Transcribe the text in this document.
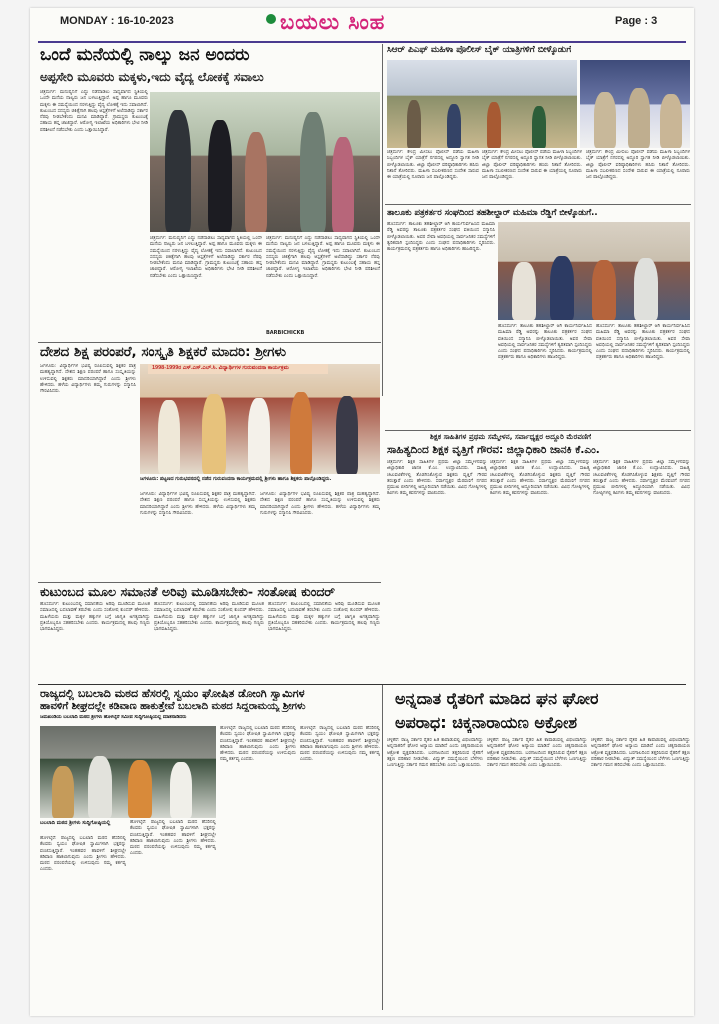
MONDAY : 16-10-2023	ಬಯಲು ಸಿಂಹ	Page : 3
ಒಂದೆ ಮನೆಯಲ್ಲಿ ನಾಲ್ಕು ಜನ ಅಂದರು
ಅಪ್ಪಸೇರಿ ಮೂವರು ಮಕ್ಕಳು,ಇದು ವೈದ್ಯ ಲೋಕಕ್ಕೆ ಸವಾಲು
ಚಿತ್ರದುರ್ಗ: ಮನುಷ್ಯನಿಗೆ ಎದ್ದು ನಡೆದಾಡಲು ಸಾಧ್ಯವಾಗದ ಸ್ಥಿತಿಯಲ್ಲಿ ಒಂದೇ ಮನೆಯ ನಾಲ್ವರು ಜನ ಬಳಲುತ್ತಿದ್ದಾರೆ. ಅಪ್ಪ ಹಾಗೂ ಮೂವರು ಮಕ್ಕಳು ಈ ಸಮಸ್ಯೆಯಿಂದ ನರಳುತ್ತಿದ್ದು ವೈದ್ಯ ಲೋಕಕ್ಕೆ ಇದು ಸವಾಲಾಗಿದೆ. ಕುಟುಂಬದ ಸದಸ್ಯರು ಚಿಕಿತ್ಸೆಗಾಗಿ ಹಲವು ಆಸ್ಪತ್ರೆಗಳಿಗೆ ಅಲೆದಾಡಿದ್ದು ಸರ್ಕಾರ ನೆರವು ನೀಡಬೇಕೆಂದು ಮನವಿ ಮಾಡಿದ್ದಾರೆ. ಗ್ರಾಮಸ್ಥರು ಕುಟುಂಬಕ್ಕೆ ಸಹಾಯ ಹಸ್ತ ಚಾಚಿದ್ದಾರೆ. ಆರೋಗ್ಯ ಇಲಾಖೆಯ ಅಧಿಕಾರಿಗಳು ಭೇಟಿ ನೀಡಿ ಪರಿಶೀಲನೆ ನಡೆಸಬೇಕು ಎಂದು ಒತ್ತಾಯಿಸಿದ್ದಾರೆ.
ಚಿತ್ರದುರ್ಗ: ಮನುಷ್ಯನಿಗೆ ಎದ್ದು ನಡೆದಾಡಲು ಸಾಧ್ಯವಾಗದ ಸ್ಥಿತಿಯಲ್ಲಿ ಒಂದೇ ಮನೆಯ ನಾಲ್ವರು ಜನ ಬಳಲುತ್ತಿದ್ದಾರೆ. ಅಪ್ಪ ಹಾಗೂ ಮೂವರು ಮಕ್ಕಳು ಈ ಸಮಸ್ಯೆಯಿಂದ ನರಳುತ್ತಿದ್ದು ವೈದ್ಯ ಲೋಕಕ್ಕೆ ಇದು ಸವಾಲಾಗಿದೆ. ಕುಟುಂಬದ ಸದಸ್ಯರು ಚಿಕಿತ್ಸೆಗಾಗಿ ಹಲವು ಆಸ್ಪತ್ರೆಗಳಿಗೆ ಅಲೆದಾಡಿದ್ದು ಸರ್ಕಾರ ನೆರವು ನೀಡಬೇಕೆಂದು ಮನವಿ ಮಾಡಿದ್ದಾರೆ. ಗ್ರಾಮಸ್ಥರು ಕುಟುಂಬಕ್ಕೆ ಸಹಾಯ ಹಸ್ತ ಚಾಚಿದ್ದಾರೆ. ಆರೋಗ್ಯ ಇಲಾಖೆಯ ಅಧಿಕಾರಿಗಳು ಭೇಟಿ ನೀಡಿ ಪರಿಶೀಲನೆ ನಡೆಸಬೇಕು ಎಂದು ಒತ್ತಾಯಿಸಿದ್ದಾರೆ.
ಚಿತ್ರದುರ್ಗ: ಮನುಷ್ಯನಿಗೆ ಎದ್ದು ನಡೆದಾಡಲು ಸಾಧ್ಯವಾಗದ ಸ್ಥಿತಿಯಲ್ಲಿ ಒಂದೇ ಮನೆಯ ನಾಲ್ವರು ಜನ ಬಳಲುತ್ತಿದ್ದಾರೆ. ಅಪ್ಪ ಹಾಗೂ ಮೂವರು ಮಕ್ಕಳು ಈ ಸಮಸ್ಯೆಯಿಂದ ನರಳುತ್ತಿದ್ದು ವೈದ್ಯ ಲೋಕಕ್ಕೆ ಇದು ಸವಾಲಾಗಿದೆ. ಕುಟುಂಬದ ಸದಸ್ಯರು ಚಿಕಿತ್ಸೆಗಾಗಿ ಹಲವು ಆಸ್ಪತ್ರೆಗಳಿಗೆ ಅಲೆದಾಡಿದ್ದು ಸರ್ಕಾರ ನೆರವು ನೀಡಬೇಕೆಂದು ಮನವಿ ಮಾಡಿದ್ದಾರೆ. ಗ್ರಾಮಸ್ಥರು ಕುಟುಂಬಕ್ಕೆ ಸಹಾಯ ಹಸ್ತ ಚಾಚಿದ್ದಾರೆ. ಆರೋಗ್ಯ ಇಲಾಖೆಯ ಅಧಿಕಾರಿಗಳು ಭೇಟಿ ನೀಡಿ ಪರಿಶೀಲನೆ ನಡೆಸಬೇಕು ಎಂದು ಒತ್ತಾಯಿಸಿದ್ದಾರೆ.
BARBICHICKB
ದೇಶದ ಶಿಕ್ಷ ಪರಂಪರೆ, ಸಂಸ್ಕೃತಿ ಶಿಕ್ಷಕರೆ ಮಾದರಿ: ಶ್ರೀಗಳು
ಜಗಳೂರು: ವಿದ್ಯಾರ್ಥಿಗಳ ಭವಿಷ್ಯ ರೂಪಿಸುವಲ್ಲಿ ಶಿಕ್ಷಕರ ಪಾತ್ರ ಮಹತ್ವದ್ದಾಗಿದೆ. ದೇಶದ ಶಿಕ್ಷಣ ಪರಂಪರೆ ಹಾಗೂ ಸಂಸ್ಕೃತಿಯನ್ನು ಉಳಿಸುವಲ್ಲಿ ಶಿಕ್ಷಕರು ಮಾದರಿಯಾಗಿದ್ದಾರೆ ಎಂದು ಶ್ರೀಗಳು ಹೇಳಿದರು. ಹಳೆಯ ವಿದ್ಯಾರ್ಥಿಗಳು ತಮ್ಮ ಗುರುಗಳನ್ನು ಸನ್ಮಾನಿಸಿ ಗೌರವಿಸಿದರು.
1998-1999ರ ಎಸ್.ಎಸ್.ಎಲ್.ಸಿ. ವಿದ್ಯಾರ್ಥಿಗಳ ಗುರುವಂದನಾ ಕಾರ್ಯಕ್ರಮ
ಜಗಳೂರು: ಪಟ್ಟಣದ ಗುರುಭವನದಲ್ಲಿ ನಡೆದ ಗುರುವಂದನಾ ಕಾರ್ಯಕ್ರಮದಲ್ಲಿ ಶ್ರೀಗಳು ಹಾಗೂ ಶಿಕ್ಷಕರು ಪಾಲ್ಗೊಂಡಿದ್ದರು.
ಜಗಳೂರು: ವಿದ್ಯಾರ್ಥಿಗಳ ಭವಿಷ್ಯ ರೂಪಿಸುವಲ್ಲಿ ಶಿಕ್ಷಕರ ಪಾತ್ರ ಮಹತ್ವದ್ದಾಗಿದೆ. ದೇಶದ ಶಿಕ್ಷಣ ಪರಂಪರೆ ಹಾಗೂ ಸಂಸ್ಕೃತಿಯನ್ನು ಉಳಿಸುವಲ್ಲಿ ಶಿಕ್ಷಕರು ಮಾದರಿಯಾಗಿದ್ದಾರೆ ಎಂದು ಶ್ರೀಗಳು ಹೇಳಿದರು. ಹಳೆಯ ವಿದ್ಯಾರ್ಥಿಗಳು ತಮ್ಮ ಗುರುಗಳನ್ನು ಸನ್ಮಾನಿಸಿ ಗೌರವಿಸಿದರು.
ಜಗಳೂರು: ವಿದ್ಯಾರ್ಥಿಗಳ ಭವಿಷ್ಯ ರೂಪಿಸುವಲ್ಲಿ ಶಿಕ್ಷಕರ ಪಾತ್ರ ಮಹತ್ವದ್ದಾಗಿದೆ. ದೇಶದ ಶಿಕ್ಷಣ ಪರಂಪರೆ ಹಾಗೂ ಸಂಸ್ಕೃತಿಯನ್ನು ಉಳಿಸುವಲ್ಲಿ ಶಿಕ್ಷಕರು ಮಾದರಿಯಾಗಿದ್ದಾರೆ ಎಂದು ಶ್ರೀಗಳು ಹೇಳಿದರು. ಹಳೆಯ ವಿದ್ಯಾರ್ಥಿಗಳು ತಮ್ಮ ಗುರುಗಳನ್ನು ಸನ್ಮಾನಿಸಿ ಗೌರವಿಸಿದರು.
ಕುಟುಂಬದ ಮೂಲ ಸಮಾನತೆ ಅರಿವು ಮೂಡಿಸಬೇಕು- ಸಂತೋಷ ಕುಂದರ್
ಹೊಸದುರ್ಗ: ಕುಟುಂಬದಲ್ಲಿ ಸಮಾನತೆಯ ಅರಿವು ಮೂಡಿಸುವ ಮೂಲಕ ಸಮಾಜದಲ್ಲಿ ಬದಲಾವಣೆ ತರಬೇಕು ಎಂದು ಸಂತೋಷ ಕುಂದರ್ ಹೇಳಿದರು. ಮಹಿಳೆಯರು ಮತ್ತು ಮಕ್ಕಳ ಹಕ್ಕುಗಳ ಬಗ್ಗೆ ಜಾಗೃತಿ ಅಗತ್ಯವಾಗಿದ್ದು ಪ್ರತಿಯೊಬ್ಬರೂ ಸಹಕರಿಸಬೇಕು ಎಂದರು. ಕಾರ್ಯಕ್ರಮದಲ್ಲಿ ಹಲವು ಗಣ್ಯರು ಭಾಗವಹಿಸಿದ್ದರು.
ಹೊಸದುರ್ಗ: ಕುಟುಂಬದಲ್ಲಿ ಸಮಾನತೆಯ ಅರಿವು ಮೂಡಿಸುವ ಮೂಲಕ ಸಮಾಜದಲ್ಲಿ ಬದಲಾವಣೆ ತರಬೇಕು ಎಂದು ಸಂತೋಷ ಕುಂದರ್ ಹೇಳಿದರು. ಮಹಿಳೆಯರು ಮತ್ತು ಮಕ್ಕಳ ಹಕ್ಕುಗಳ ಬಗ್ಗೆ ಜಾಗೃತಿ ಅಗತ್ಯವಾಗಿದ್ದು ಪ್ರತಿಯೊಬ್ಬರೂ ಸಹಕರಿಸಬೇಕು ಎಂದರು. ಕಾರ್ಯಕ್ರಮದಲ್ಲಿ ಹಲವು ಗಣ್ಯರು ಭಾಗವಹಿಸಿದ್ದರು.
ಹೊಸದುರ್ಗ: ಕುಟುಂಬದಲ್ಲಿ ಸಮಾನತೆಯ ಅರಿವು ಮೂಡಿಸುವ ಮೂಲಕ ಸಮಾಜದಲ್ಲಿ ಬದಲಾವಣೆ ತರಬೇಕು ಎಂದು ಸಂತೋಷ ಕುಂದರ್ ಹೇಳಿದರು. ಮಹಿಳೆಯರು ಮತ್ತು ಮಕ್ಕಳ ಹಕ್ಕುಗಳ ಬಗ್ಗೆ ಜಾಗೃತಿ ಅಗತ್ಯವಾಗಿದ್ದು ಪ್ರತಿಯೊಬ್ಬರೂ ಸಹಕರಿಸಬೇಕು ಎಂದರು. ಕಾರ್ಯಕ್ರಮದಲ್ಲಿ ಹಲವು ಗಣ್ಯರು ಭಾಗವಹಿಸಿದ್ದರು.
ರಾಜ್ಯದಲ್ಲಿ ಬಬಲಾದಿ ಮಠದ ಹೆಸರಲ್ಲಿ ಸ್ವಯಂ ಘೋಷಿತ ಡೋಂಗಿ ಸ್ವಾಮಿಗಳ
ಹಾವಳಿಗೆ ಶೀಘ್ರದಲ್ಲೇ ಕಡಿವಾಣ ಹಾಕುತ್ತೇವೆ ಬಬಲಾದಿ ಮಠದ ಸಿದ್ಧರಾಮಯ್ಯ ಶ್ರೀಗಳು
ಜಮಖಂಡಿಯ ಬಬಲಾದಿ ಮಠದ ಶ್ರೀಗಳು ಹೊಳಲ್ಕೆರೆ ಸಮೀಪ ಸುದ್ದಿಗೋಷ್ಠಿಯಲ್ಲಿ ಮಾತನಾಡಿದರು
ಬಬಲಾದಿ ಮಠದ ಶ್ರೀಗಳು ಸುದ್ದಿಗೋಷ್ಠಿಯಲ್ಲಿ
ಹೊಳಲ್ಕೆರೆ: ರಾಜ್ಯದಲ್ಲಿ ಬಬಲಾದಿ ಮಠದ ಹೆಸರಿನಲ್ಲಿ ಕೆಲವರು ಸ್ವಯಂ ಘೋಷಿತ ಸ್ವಾಮಿಗಳಾಗಿ ಭಕ್ತರನ್ನು ವಂಚಿಸುತ್ತಿದ್ದಾರೆ. ಇಂತಹವರ ಹಾವಳಿಗೆ ಶೀಘ್ರದಲ್ಲೇ ಕಡಿವಾಣ ಹಾಕಲಾಗುವುದು ಎಂದು ಶ್ರೀಗಳು ಹೇಳಿದರು. ಮಠದ ಪರಂಪರೆಯನ್ನು ಉಳಿಸುವುದು ನಮ್ಮ ಕರ್ತವ್ಯ ಎಂದರು.
ಹೊಳಲ್ಕೆರೆ: ರಾಜ್ಯದಲ್ಲಿ ಬಬಲಾದಿ ಮಠದ ಹೆಸರಿನಲ್ಲಿ ಕೆಲವರು ಸ್ವಯಂ ಘೋಷಿತ ಸ್ವಾಮಿಗಳಾಗಿ ಭಕ್ತರನ್ನು ವಂಚಿಸುತ್ತಿದ್ದಾರೆ. ಇಂತಹವರ ಹಾವಳಿಗೆ ಶೀಘ್ರದಲ್ಲೇ ಕಡಿವಾಣ ಹಾಕಲಾಗುವುದು ಎಂದು ಶ್ರೀಗಳು ಹೇಳಿದರು. ಮಠದ ಪರಂಪರೆಯನ್ನು ಉಳಿಸುವುದು ನಮ್ಮ ಕರ್ತವ್ಯ ಎಂದರು.
ಹೊಳಲ್ಕೆರೆ: ರಾಜ್ಯದಲ್ಲಿ ಬಬಲಾದಿ ಮಠದ ಹೆಸರಿನಲ್ಲಿ ಕೆಲವರು ಸ್ವಯಂ ಘೋಷಿತ ಸ್ವಾಮಿಗಳಾಗಿ ಭಕ್ತರನ್ನು ವಂಚಿಸುತ್ತಿದ್ದಾರೆ. ಇಂತಹವರ ಹಾವಳಿಗೆ ಶೀಘ್ರದಲ್ಲೇ ಕಡಿವಾಣ ಹಾಕಲಾಗುವುದು ಎಂದು ಶ್ರೀಗಳು ಹೇಳಿದರು. ಮಠದ ಪರಂಪರೆಯನ್ನು ಉಳಿಸುವುದು ನಮ್ಮ ಕರ್ತವ್ಯ ಎಂದರು.
ಹೊಳಲ್ಕೆರೆ: ರಾಜ್ಯದಲ್ಲಿ ಬಬಲಾದಿ ಮಠದ ಹೆಸರಿನಲ್ಲಿ ಕೆಲವರು ಸ್ವಯಂ ಘೋಷಿತ ಸ್ವಾಮಿಗಳಾಗಿ ಭಕ್ತರನ್ನು ವಂಚಿಸುತ್ತಿದ್ದಾರೆ. ಇಂತಹವರ ಹಾವಳಿಗೆ ಶೀಘ್ರದಲ್ಲೇ ಕಡಿವಾಣ ಹಾಕಲಾಗುವುದು ಎಂದು ಶ್ರೀಗಳು ಹೇಳಿದರು. ಮಠದ ಪರಂಪರೆಯನ್ನು ಉಳಿಸುವುದು ನಮ್ಮ ಕರ್ತವ್ಯ ಎಂದರು.
ಸಿಆರ್ ಪಿಎಫ್ ಮಹಿಳಾ ಪೊಲೀಸ್ ಬೈಕ್ ಯಾತ್ರಿಗಳಿಗೆ ಬೀಳ್ಕೊಡುಗೆ
ಚಿತ್ರದುರ್ಗ: ಕೇಂದ್ರ ಮೀಸಲು ಪೊಲೀಸ್ ಪಡೆಯ ಮಹಿಳಾ ಸಿಬ್ಬಂದಿಗಳ ಬೈಕ್ ಯಾತ್ರೆಗೆ ನಗರದಲ್ಲಿ ಅದ್ದೂರಿ ಸ್ವಾಗತ ನೀಡಿ ಬೀಳ್ಕೊಡಲಾಯಿತು. ಜಿಲ್ಲಾ ಪೊಲೀಸ್ ವರಿಷ್ಠಾಧಿಕಾರಿಗಳು ಹಸಿರು ನಿಶಾನೆ ತೋರಿದರು. ಮಹಿಳಾ ಸಬಲೀಕರಣದ ಸಂದೇಶ ಸಾರುವ ಈ ಯಾತ್ರೆಯಲ್ಲಿ ನೂರಾರು ಜನ ಪಾಲ್ಗೊಂಡಿದ್ದರು.
ಚಿತ್ರದುರ್ಗ: ಕೇಂದ್ರ ಮೀಸಲು ಪೊಲೀಸ್ ಪಡೆಯ ಮಹಿಳಾ ಸಿಬ್ಬಂದಿಗಳ ಬೈಕ್ ಯಾತ್ರೆಗೆ ನಗರದಲ್ಲಿ ಅದ್ದೂರಿ ಸ್ವಾಗತ ನೀಡಿ ಬೀಳ್ಕೊಡಲಾಯಿತು. ಜಿಲ್ಲಾ ಪೊಲೀಸ್ ವರಿಷ್ಠಾಧಿಕಾರಿಗಳು ಹಸಿರು ನಿಶಾನೆ ತೋರಿದರು. ಮಹಿಳಾ ಸಬಲೀಕರಣದ ಸಂದೇಶ ಸಾರುವ ಈ ಯಾತ್ರೆಯಲ್ಲಿ ನೂರಾರು ಜನ ಪಾಲ್ಗೊಂಡಿದ್ದರು.
ಚಿತ್ರದುರ್ಗ: ಕೇಂದ್ರ ಮೀಸಲು ಪೊಲೀಸ್ ಪಡೆಯ ಮಹಿಳಾ ಸಿಬ್ಬಂದಿಗಳ ಬೈಕ್ ಯಾತ್ರೆಗೆ ನಗರದಲ್ಲಿ ಅದ್ದೂರಿ ಸ್ವಾಗತ ನೀಡಿ ಬೀಳ್ಕೊಡಲಾಯಿತು. ಜಿಲ್ಲಾ ಪೊಲೀಸ್ ವರಿಷ್ಠಾಧಿಕಾರಿಗಳು ಹಸಿರು ನಿಶಾನೆ ತೋರಿದರು. ಮಹಿಳಾ ಸಬಲೀಕರಣದ ಸಂದೇಶ ಸಾರುವ ಈ ಯಾತ್ರೆಯಲ್ಲಿ ನೂರಾರು ಜನ ಪಾಲ್ಗೊಂಡಿದ್ದರು.
ತಾಲೂಕು ಪತ್ರಕರ್ತರ ಸಂಘದಿಂದ ತಹಶೀಲ್ದಾರ್ ಮಹಿಮಾ ರೆಡ್ಡಿಗೆ ಬೀಳ್ಕೊಡುಗೆ..
ಹೊಸದುರ್ಗ: ತಾಲೂಕು ತಹಶೀಲ್ದಾರ್ ಆಗಿ ಕಾರ್ಯನಿರ್ವಹಿಸಿದ ಮಹಿಮಾ ರೆಡ್ಡಿ ಅವರನ್ನು ತಾಲೂಕು ಪತ್ರಕರ್ತರ ಸಂಘದ ವತಿಯಿಂದ ಸನ್ಮಾನಿಸಿ ಬೀಳ್ಕೊಡಲಾಯಿತು. ಅವರ ಸೇವಾ ಅವಧಿಯಲ್ಲಿ ಸಾರ್ವಜನಿಕರ ಸಮಸ್ಯೆಗಳಿಗೆ ತ್ವರಿತವಾಗಿ ಸ್ಪಂದಿಸಿದ್ದರು ಎಂದು ಸಂಘದ ಪದಾಧಿಕಾರಿಗಳು ಸ್ಮರಿಸಿದರು. ಕಾರ್ಯಕ್ರಮದಲ್ಲಿ ಪತ್ರಕರ್ತರು ಹಾಗೂ ಅಧಿಕಾರಿಗಳು ಹಾಜರಿದ್ದರು.
ಹೊಸದುರ್ಗ: ತಾಲೂಕು ತಹಶೀಲ್ದಾರ್ ಆಗಿ ಕಾರ್ಯನಿರ್ವಹಿಸಿದ ಮಹಿಮಾ ರೆಡ್ಡಿ ಅವರನ್ನು ತಾಲೂಕು ಪತ್ರಕರ್ತರ ಸಂಘದ ವತಿಯಿಂದ ಸನ್ಮಾನಿಸಿ ಬೀಳ್ಕೊಡಲಾಯಿತು. ಅವರ ಸೇವಾ ಅವಧಿಯಲ್ಲಿ ಸಾರ್ವಜನಿಕರ ಸಮಸ್ಯೆಗಳಿಗೆ ತ್ವರಿತವಾಗಿ ಸ್ಪಂದಿಸಿದ್ದರು ಎಂದು ಸಂಘದ ಪದಾಧಿಕಾರಿಗಳು ಸ್ಮರಿಸಿದರು. ಕಾರ್ಯಕ್ರಮದಲ್ಲಿ ಪತ್ರಕರ್ತರು ಹಾಗೂ ಅಧಿಕಾರಿಗಳು ಹಾಜರಿದ್ದರು.
ಹೊಸದುರ್ಗ: ತಾಲೂಕು ತಹಶೀಲ್ದಾರ್ ಆಗಿ ಕಾರ್ಯನಿರ್ವಹಿಸಿದ ಮಹಿಮಾ ರೆಡ್ಡಿ ಅವರನ್ನು ತಾಲೂಕು ಪತ್ರಕರ್ತರ ಸಂಘದ ವತಿಯಿಂದ ಸನ್ಮಾನಿಸಿ ಬೀಳ್ಕೊಡಲಾಯಿತು. ಅವರ ಸೇವಾ ಅವಧಿಯಲ್ಲಿ ಸಾರ್ವಜನಿಕರ ಸಮಸ್ಯೆಗಳಿಗೆ ತ್ವರಿತವಾಗಿ ಸ್ಪಂದಿಸಿದ್ದರು ಎಂದು ಸಂಘದ ಪದಾಧಿಕಾರಿಗಳು ಸ್ಮರಿಸಿದರು. ಕಾರ್ಯಕ್ರಮದಲ್ಲಿ ಪತ್ರಕರ್ತರು ಹಾಗೂ ಅಧಿಕಾರಿಗಳು ಹಾಜರಿದ್ದರು.
ಶಿಕ್ಷಕ ಸಾಹಿತಿಗಳ ಪ್ರಥಮ ಸಮ್ಮೇಳನ, ಸರ್ವಾಧ್ಯಕ್ಷರ ಅದ್ದೂರಿ ಮೆರವಣಿಗೆ
ಸಾಹಿತ್ಯದಿಂದ ಶಿಕ್ಷಕ ವೃತ್ತಿಗೆ ಗೌರವ: ಜಿಲ್ಲಾಧಿಕಾರಿ ಜಾನಕಿ ಕೆ.ಎಂ.
ಚಿತ್ರದುರ್ಗ: ಶಿಕ್ಷಕ ಸಾಹಿತಿಗಳ ಪ್ರಥಮ ಜಿಲ್ಲಾ ಸಮ್ಮೇಳನವನ್ನು ಜಿಲ್ಲಾಧಿಕಾರಿ ಜಾನಕಿ ಕೆ.ಎಂ. ಉದ್ಘಾಟಿಸಿದರು. ಸಾಹಿತ್ಯ ಚಟುವಟಿಕೆಗಳಲ್ಲಿ ತೊಡಗಿಸಿಕೊಳ್ಳುವ ಶಿಕ್ಷಕರು ವೃತ್ತಿಗೆ ಗೌರವ ತರುತ್ತಾರೆ ಎಂದು ಹೇಳಿದರು. ಸರ್ವಾಧ್ಯಕ್ಷರ ಮೆರವಣಿಗೆ ನಗರದ ಪ್ರಮುಖ ಬೀದಿಗಳಲ್ಲಿ ಅದ್ದೂರಿಯಾಗಿ ನಡೆಯಿತು. ವಿವಿಧ ಗೋಷ್ಠಿಗಳಲ್ಲಿ ಕವಿಗಳು ತಮ್ಮ ಕವನಗಳನ್ನು ವಾಚಿಸಿದರು.
ಚಿತ್ರದುರ್ಗ: ಶಿಕ್ಷಕ ಸಾಹಿತಿಗಳ ಪ್ರಥಮ ಜಿಲ್ಲಾ ಸಮ್ಮೇಳನವನ್ನು ಜಿಲ್ಲಾಧಿಕಾರಿ ಜಾನಕಿ ಕೆ.ಎಂ. ಉದ್ಘಾಟಿಸಿದರು. ಸಾಹಿತ್ಯ ಚಟುವಟಿಕೆಗಳಲ್ಲಿ ತೊಡಗಿಸಿಕೊಳ್ಳುವ ಶಿಕ್ಷಕರು ವೃತ್ತಿಗೆ ಗೌರವ ತರುತ್ತಾರೆ ಎಂದು ಹೇಳಿದರು. ಸರ್ವಾಧ್ಯಕ್ಷರ ಮೆರವಣಿಗೆ ನಗರದ ಪ್ರಮುಖ ಬೀದಿಗಳಲ್ಲಿ ಅದ್ದೂರಿಯಾಗಿ ನಡೆಯಿತು. ವಿವಿಧ ಗೋಷ್ಠಿಗಳಲ್ಲಿ ಕವಿಗಳು ತಮ್ಮ ಕವನಗಳನ್ನು ವಾಚಿಸಿದರು.
ಚಿತ್ರದುರ್ಗ: ಶಿಕ್ಷಕ ಸಾಹಿತಿಗಳ ಪ್ರಥಮ ಜಿಲ್ಲಾ ಸಮ್ಮೇಳನವನ್ನು ಜಿಲ್ಲಾಧಿಕಾರಿ ಜಾನಕಿ ಕೆ.ಎಂ. ಉದ್ಘಾಟಿಸಿದರು. ಸಾಹಿತ್ಯ ಚಟುವಟಿಕೆಗಳಲ್ಲಿ ತೊಡಗಿಸಿಕೊಳ್ಳುವ ಶಿಕ್ಷಕರು ವೃತ್ತಿಗೆ ಗೌರವ ತರುತ್ತಾರೆ ಎಂದು ಹೇಳಿದರು. ಸರ್ವಾಧ್ಯಕ್ಷರ ಮೆರವಣಿಗೆ ನಗರದ ಪ್ರಮುಖ ಬೀದಿಗಳಲ್ಲಿ ಅದ್ದೂರಿಯಾಗಿ ನಡೆಯಿತು. ವಿವಿಧ ಗೋಷ್ಠಿಗಳಲ್ಲಿ ಕವಿಗಳು ತಮ್ಮ ಕವನಗಳನ್ನು ವಾಚಿಸಿದರು.
ಅನ್ನದಾತ ರೈತರಿಗೆ ಮಾಡಿದ ಘನ ಘೋರ
ಅಪರಾಧ: ಚಿಕ್ಕನಾರಾಯಣ ಅಕ್ರೋಶ
ಚಳ್ಳಕೆರೆ: ರಾಜ್ಯ ಸರ್ಕಾರ ರೈತರ ಹಿತ ಕಾಪಾಡುವಲ್ಲಿ ವಿಫಲವಾಗಿದ್ದು ಅನ್ನದಾತರಿಗೆ ಘೋರ ಅನ್ಯಾಯ ಮಾಡಿದೆ ಎಂದು ಚಿಕ್ಕನಾರಾಯಣ ಆಕ್ರೋಶ ವ್ಯಕ್ತಪಡಿಸಿದರು. ಬರಗಾಲದಿಂದ ತತ್ತರಿಸಿರುವ ರೈತರಿಗೆ ತಕ್ಷಣ ಪರಿಹಾರ ನೀಡಬೇಕು. ವಿದ್ಯುತ್ ಸಮಸ್ಯೆಯಿಂದ ಬೆಳೆಗಳು ಒಣಗುತ್ತಿದ್ದು ಸರ್ಕಾರ ಗಮನ ಹರಿಸಬೇಕು ಎಂದು ಒತ್ತಾಯಿಸಿದರು.
ಚಳ್ಳಕೆರೆ: ರಾಜ್ಯ ಸರ್ಕಾರ ರೈತರ ಹಿತ ಕಾಪಾಡುವಲ್ಲಿ ವಿಫಲವಾಗಿದ್ದು ಅನ್ನದಾತರಿಗೆ ಘೋರ ಅನ್ಯಾಯ ಮಾಡಿದೆ ಎಂದು ಚಿಕ್ಕನಾರಾಯಣ ಆಕ್ರೋಶ ವ್ಯಕ್ತಪಡಿಸಿದರು. ಬರಗಾಲದಿಂದ ತತ್ತರಿಸಿರುವ ರೈತರಿಗೆ ತಕ್ಷಣ ಪರಿಹಾರ ನೀಡಬೇಕು. ವಿದ್ಯುತ್ ಸಮಸ್ಯೆಯಿಂದ ಬೆಳೆಗಳು ಒಣಗುತ್ತಿದ್ದು ಸರ್ಕಾರ ಗಮನ ಹರಿಸಬೇಕು ಎಂದು ಒತ್ತಾಯಿಸಿದರು.
ಚಳ್ಳಕೆರೆ: ರಾಜ್ಯ ಸರ್ಕಾರ ರೈತರ ಹಿತ ಕಾಪಾಡುವಲ್ಲಿ ವಿಫಲವಾಗಿದ್ದು ಅನ್ನದಾತರಿಗೆ ಘೋರ ಅನ್ಯಾಯ ಮಾಡಿದೆ ಎಂದು ಚಿಕ್ಕನಾರಾಯಣ ಆಕ್ರೋಶ ವ್ಯಕ್ತಪಡಿಸಿದರು. ಬರಗಾಲದಿಂದ ತತ್ತರಿಸಿರುವ ರೈತರಿಗೆ ತಕ್ಷಣ ಪರಿಹಾರ ನೀಡಬೇಕು. ವಿದ್ಯುತ್ ಸಮಸ್ಯೆಯಿಂದ ಬೆಳೆಗಳು ಒಣಗುತ್ತಿದ್ದು ಸರ್ಕಾರ ಗಮನ ಹರಿಸಬೇಕು ಎಂದು ಒತ್ತಾಯಿಸಿದರು.
